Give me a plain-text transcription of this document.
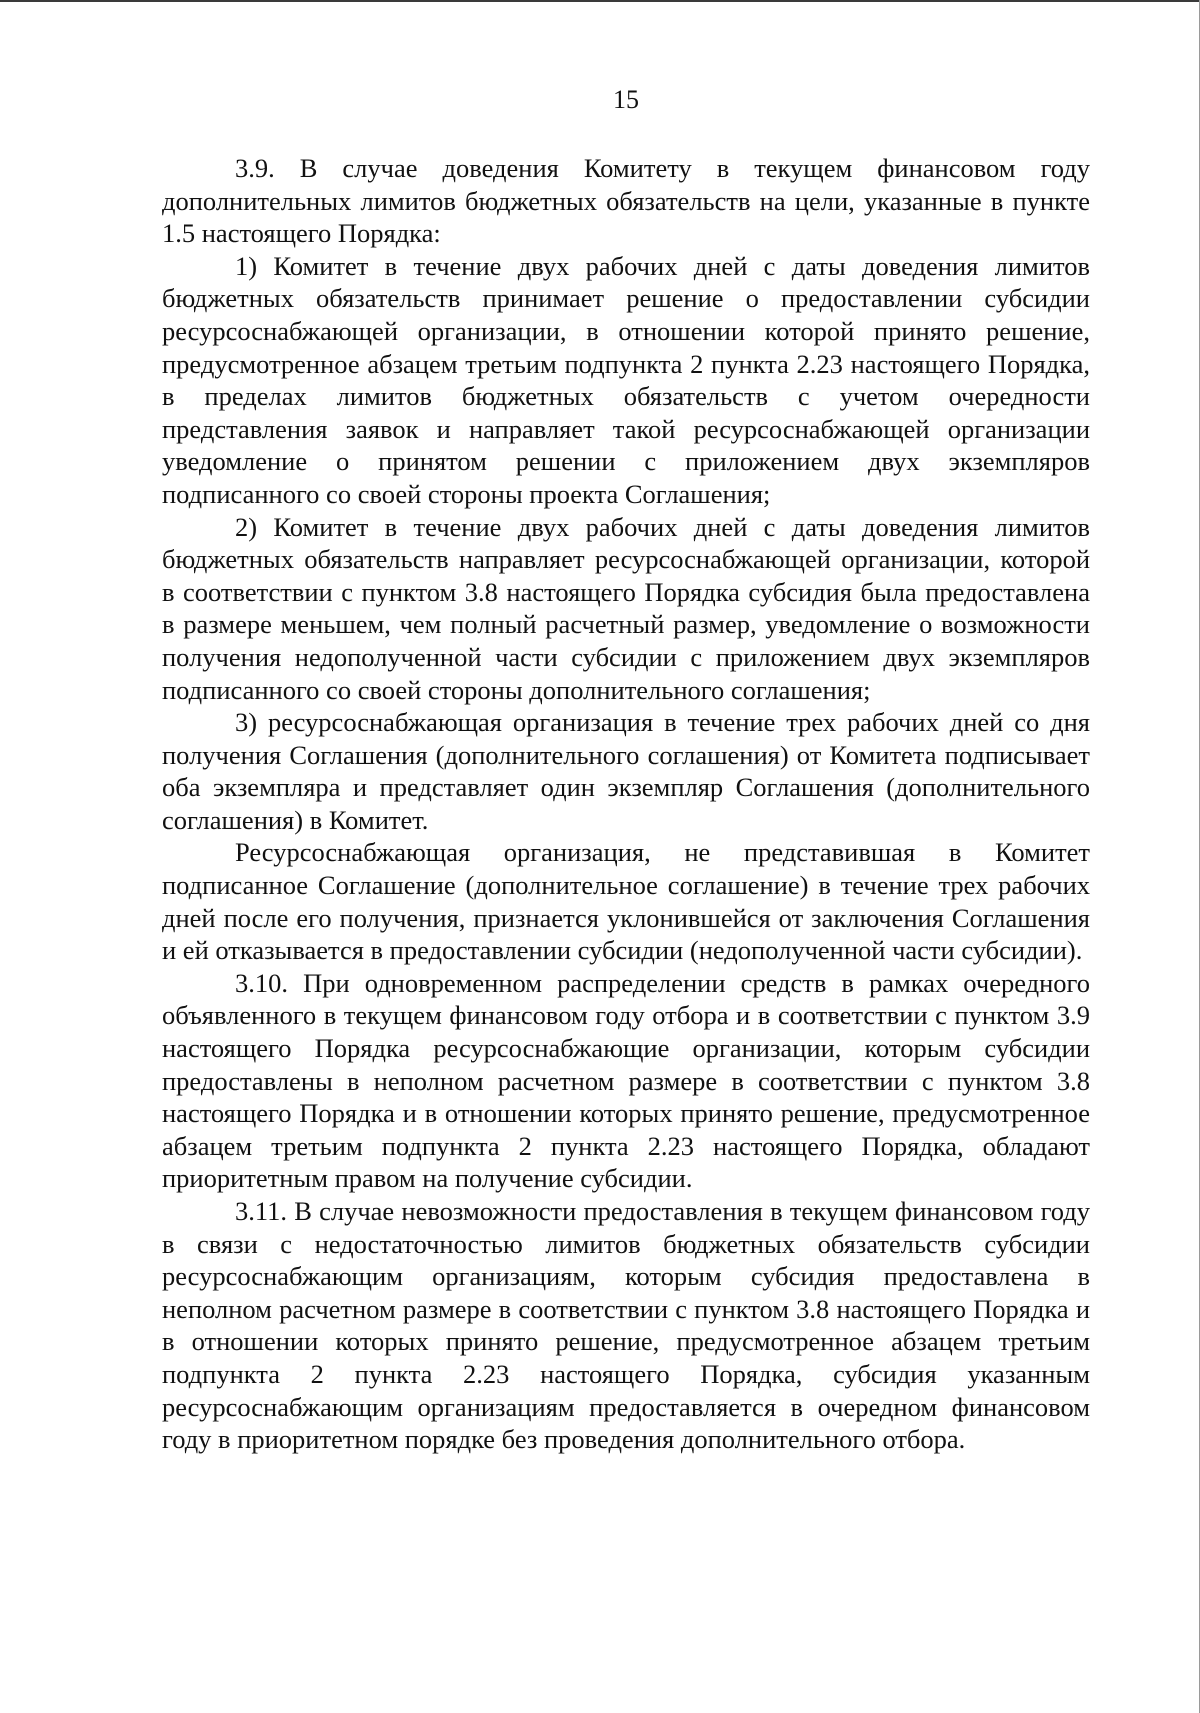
15

3.9. В случае доведения Комитету в текущем финансовом году дополнительных лимитов бюджетных обязательств на цели, указанные в пункте 1.5 настоящего Порядка:

1) Комитет в течение двух рабочих дней с даты доведения лимитов бюджетных обязательств принимает решение о предоставлении субсидии ресурсоснабжающей организации, в отношении которой принято решение, предусмотренное абзацем третьим подпункта 2 пункта 2.23 настоящего Порядка, в пределах лимитов бюджетных обязательств с учетом очередности представления заявок и направляет такой ресурсоснабжающей организации уведомление о принятом решении с приложением двух экземпляров подписанного со своей стороны проекта Соглашения;

2) Комитет в течение двух рабочих дней с даты доведения лимитов бюджетных обязательств направляет ресурсоснабжающей организации, которой в соответствии с пунктом 3.8 настоящего Порядка субсидия была предоставлена в размере меньшем, чем полный расчетный размер, уведомление о возможности получения недополученной части субсидии с приложением двух экземпляров подписанного со своей стороны дополнительного соглашения;

3) ресурсоснабжающая организация в течение трех рабочих дней со дня получения Соглашения (дополнительного соглашения) от Комитета подписывает оба экземпляра и представляет один экземпляр Соглашения (дополнительного соглашения) в Комитет.

Ресурсоснабжающая организация, не представившая в Комитет подписанное Соглашение (дополнительное соглашение) в течение трех рабочих дней после его получения, признается уклонившейся от заключения Соглашения и ей отказывается в предоставлении субсидии (недополученной части субсидии).

3.10. При одновременном распределении средств в рамках очередного объявленного в текущем финансовом году отбора и в соответствии с пунктом 3.9 настоящего Порядка ресурсоснабжающие организации, которым субсидии предоставлены в неполном расчетном размере в соответствии с пунктом 3.8 настоящего Порядка и в отношении которых принято решение, предусмотренное абзацем третьим подпункта 2 пункта 2.23 настоящего Порядка, обладают приоритетным правом на получение субсидии.

3.11. В случае невозможности предоставления в текущем финансовом году в связи с недостаточностью лимитов бюджетных обязательств субсидии ресурсоснабжающим организациям, которым субсидия предоставлена в неполном расчетном размере в соответствии с пунктом 3.8 настоящего Порядка и в отношении которых принято решение, предусмотренное абзацем третьим подпункта 2 пункта 2.23 настоящего Порядка, субсидия указанным ресурсоснабжающим организациям предоставляется в очередном финансовом году в приоритетном порядке без проведения дополнительного отбора.
